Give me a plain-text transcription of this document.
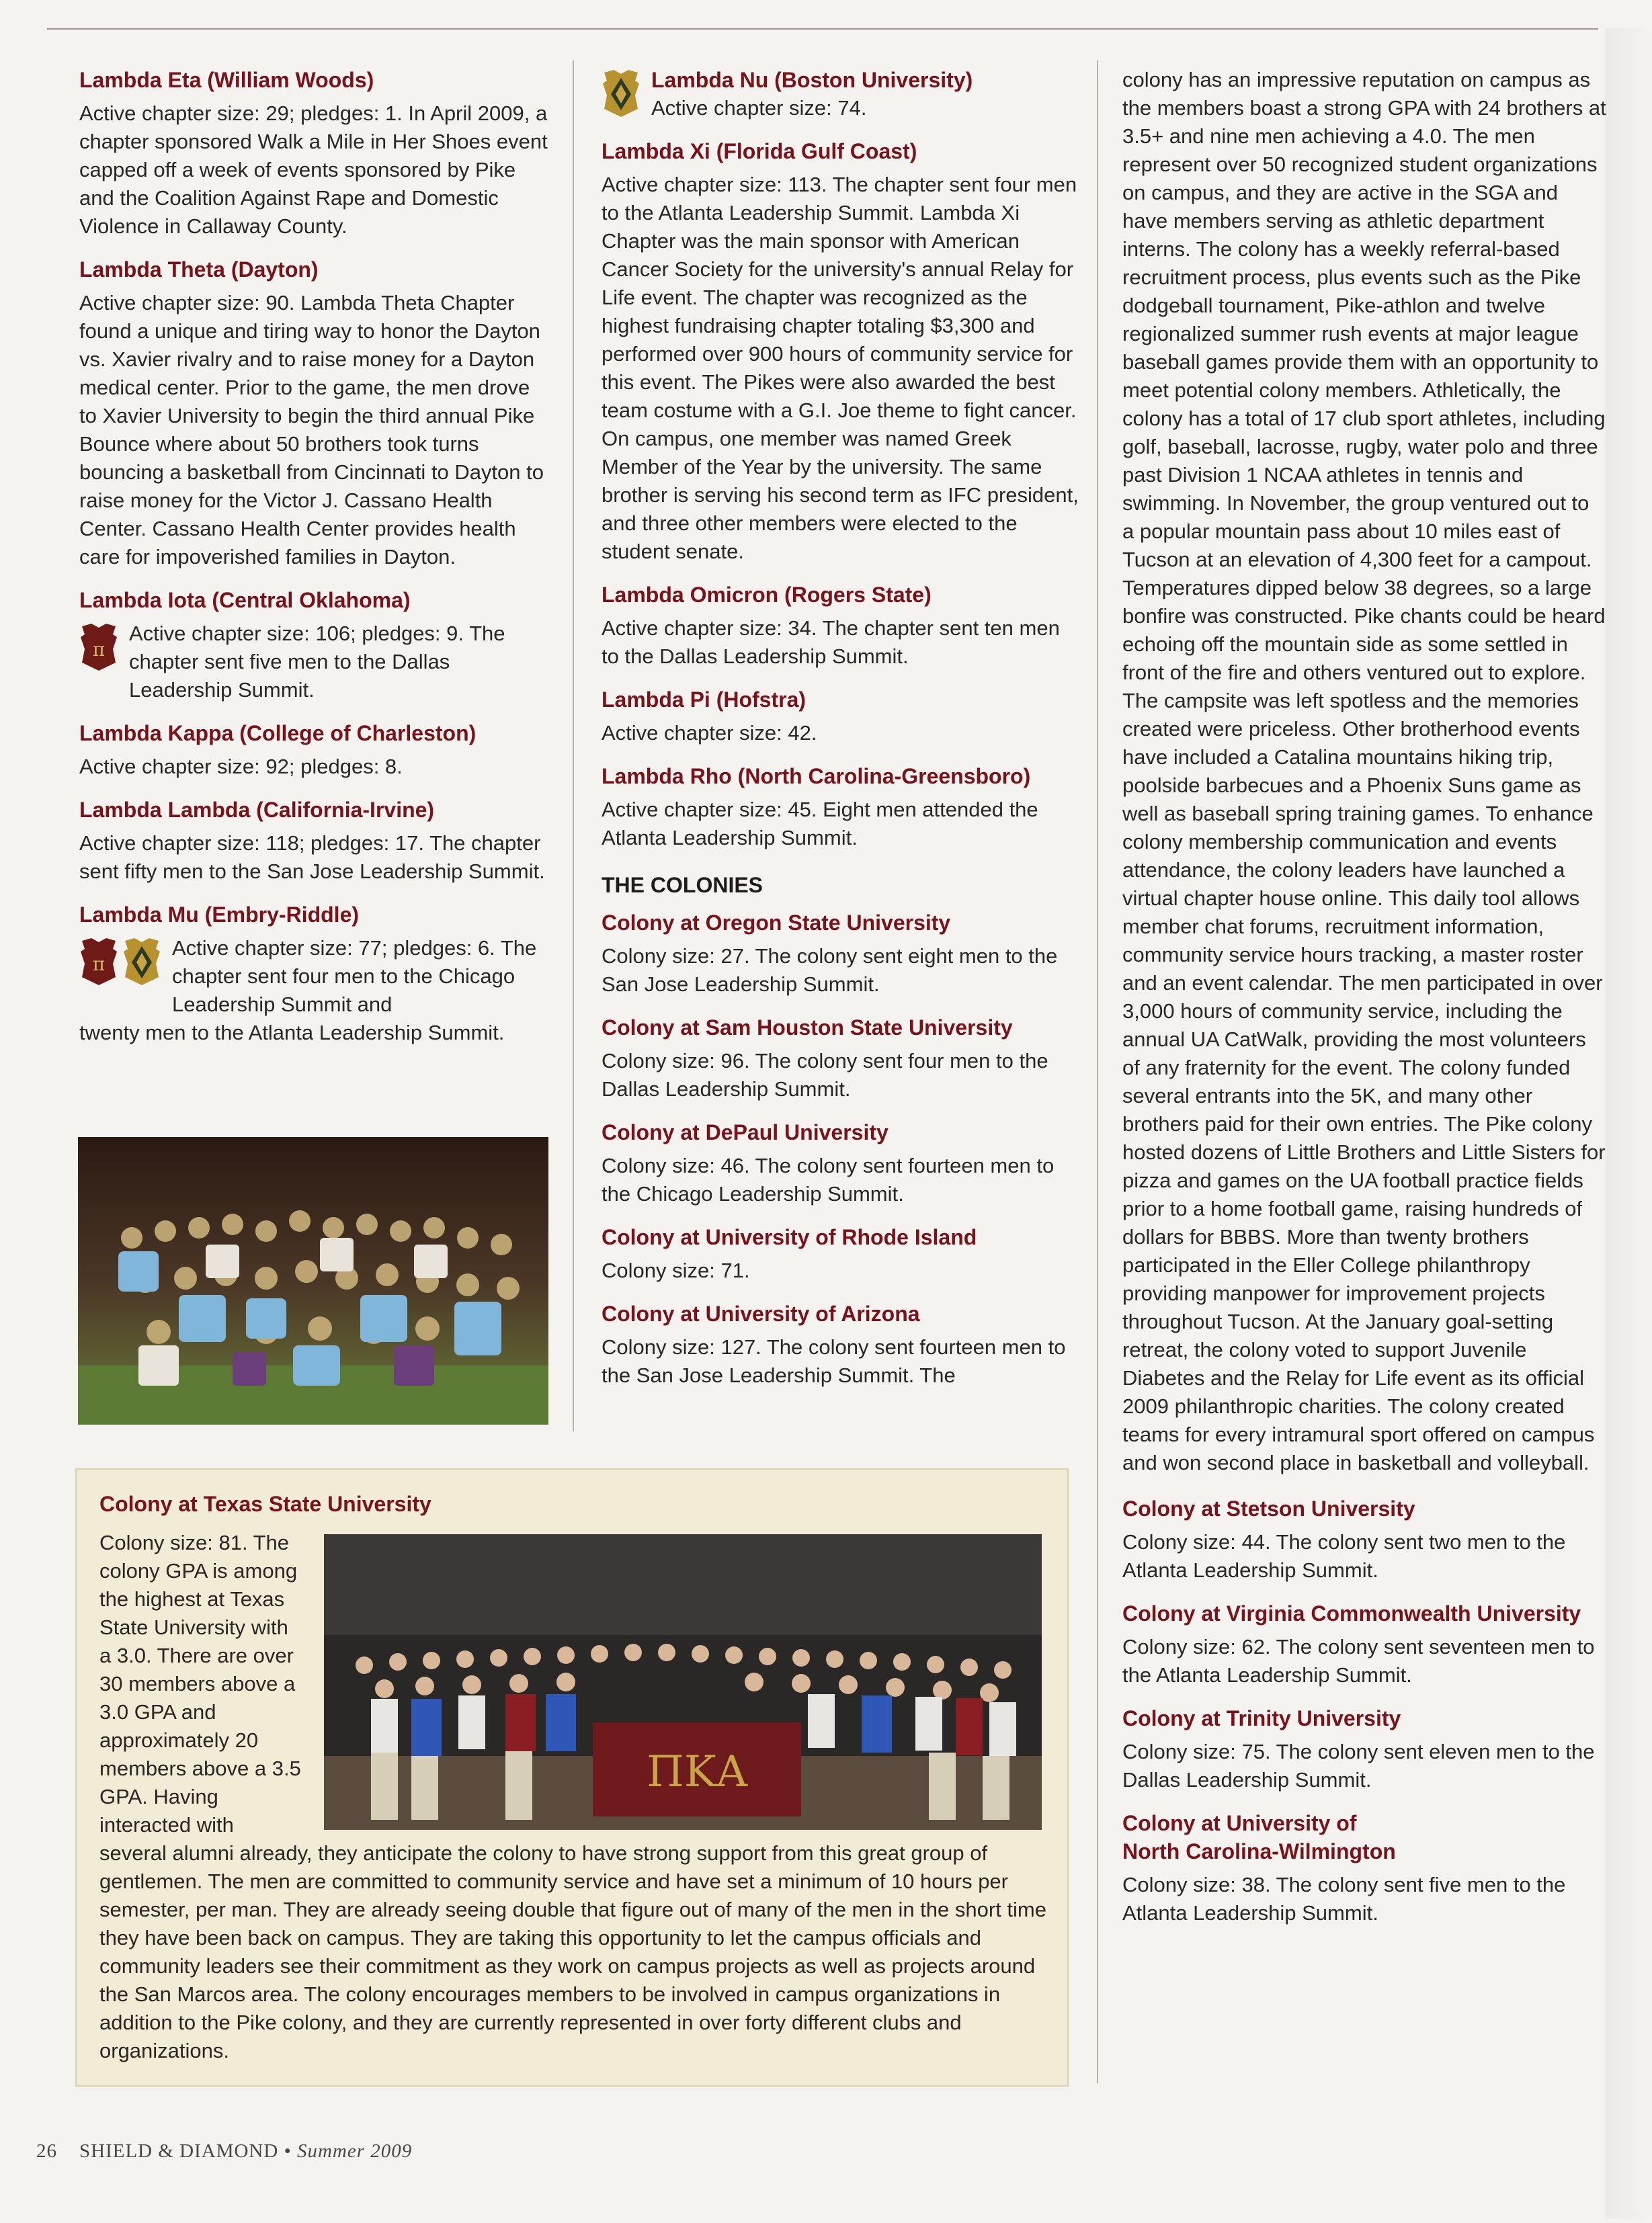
Lambda Eta (William Woods)

Active chapter size: 29; pledges: 1. In April 2009, a chapter sponsored Walk a Mile in Her Shoes event capped off a week of events sponsored by Pike and the Coalition Against Rape and Domestic Violence in Callaway County.

Lambda Theta (Dayton)

Active chapter size: 90. Lambda Theta Chapter found a unique and tiring way to honor the Dayton vs. Xavier rivalry and to raise money for a Dayton medical center. Prior to the game, the men drove to Xavier University to begin the third annual Pike Bounce where about 50 brothers took turns bouncing a basketball from Cincinnati to Dayton to raise money for the Victor J. Cassano Health Center. Cassano Health Center provides health care for impoverished families in Dayton.

Lambda Iota (Central Oklahoma)
π

Active chapter size: 106; pledges: 9. The chapter sent five men to the Dallas Leadership Summit.

Lambda Kappa (College of Charleston)

Active chapter size: 92; pledges: 8.

Lambda Lambda (California-Irvine)

Active chapter size: 118; pledges: 17. The chapter sent fifty men to the San Jose Leadership Summit.

Lambda Mu (Embry-Riddle)
π

Active chapter size: 77; pledges: 6. The chapter sent four men to the Chicago Leadership Summit and

twenty men to the Atlanta Leadership Summit.

Lambda Nu (Boston University)

Active chapter size: 74.

Lambda Xi (Florida Gulf Coast)

Active chapter size: 113. The chapter sent four men to the Atlanta Leadership Summit. Lambda Xi Chapter was the main sponsor with American Cancer Society for the university's annual Relay for Life event. The chapter was recognized as the highest fundraising chapter totaling $3,300 and performed over 900 hours of community service for this event. The Pikes were also awarded the best team costume with a G.I. Joe theme to fight cancer. On campus, one member was named Greek Member of the Year by the university. The same brother is serving his second term as IFC president, and three other members were elected to the student senate.

Lambda Omicron (Rogers State)

Active chapter size: 34. The chapter sent ten men to the Dallas Leadership Summit.

Lambda Pi (Hofstra)

Active chapter size: 42.

Lambda Rho (North Carolina-Greensboro)

Active chapter size: 45. Eight men attended the Atlanta Leadership Summit.

THE COLONIES
Colony at Oregon State University

Colony size: 27. The colony sent eight men to the San Jose Leadership Summit.

Colony at Sam Houston State University

Colony size: 96. The colony sent four men to the Dallas Leadership Summit.

Colony at DePaul University

Colony size: 46. The colony sent fourteen men to the Chicago Leadership Summit.

Colony at University of Rhode Island

Colony size: 71.

Colony at University of Arizona

Colony size: 127. The colony sent fourteen men to the San Jose Leadership Summit. The

colony has an impressive reputation on campus as the members boast a strong GPA with 24 brothers at 3.5+ and nine men achieving a 4.0. The men represent over 50 recognized student organizations on campus, and they are active in the SGA and have members serving as athletic department interns. The colony has a weekly referral-based recruitment process, plus events such as the Pike dodgeball tournament, Pike-athlon and twelve regionalized summer rush events at major league baseball games provide them with an opportunity to meet potential colony members. Athletically, the colony has a total of 17 club sport athletes, including golf, baseball, lacrosse, rugby, water polo and three past Division 1 NCAA athletes in tennis and swimming. In November, the group ventured out to a popular mountain pass about 10 miles east of Tucson at an elevation of 4,300 feet for a campout. Temperatures dipped below 38 degrees, so a large bonfire was constructed. Pike chants could be heard echoing off the mountain side as some settled in front of the fire and others ventured out to explore. The campsite was left spotless and the memories created were priceless. Other brotherhood events have included a Catalina mountains hiking trip, poolside barbecues and a Phoenix Suns game as well as baseball spring training games. To enhance colony membership communication and events attendance, the colony leaders have launched a virtual chapter house online. This daily tool allows member chat forums, recruitment information, community service hours tracking, a master roster and an event calendar. The men participated in over 3,000 hours of community service, including the annual UA CatWalk, providing the most volunteers of any fraternity for the event. The colony funded several entrants into the 5K, and many other brothers paid for their own entries. The Pike colony hosted dozens of Little Brothers and Little Sisters for pizza and games on the UA football practice fields prior to a home football game, raising hundreds of dollars for BBBS. More than twenty brothers participated in the Eller College philanthropy providing manpower for improvement projects throughout Tucson. At the January goal-setting retreat, the colony voted to support Juvenile Diabetes and the Relay for Life event as its official 2009 philanthropic charities. The colony created teams for every intramural sport offered on campus and won second place in basketball and volleyball.

Colony at Stetson University

Colony size: 44. The colony sent two men to the Atlanta Leadership Summit.

Colony at Virginia Commonwealth University

Colony size: 62. The colony sent seventeen men to the Atlanta Leadership Summit.

Colony at Trinity University

Colony size: 75. The colony sent eleven men to the Dallas Leadership Summit.

Colony at University of North Carolina-Wilmington

Colony size: 38. The colony sent five men to the Atlanta Leadership Summit.

Colony at Texas State University

Colony size: 81. The colony GPA is among the highest at Texas State University with a 3.0. There are over 30 members above a 3.0 GPA and approximately 20 members above a 3.5 GPA. Having interacted with

several alumni already, they anticipate the colony to have strong support from this great group of gentlemen. The men are committed to community service and have set a minimum of 10 hours per semester, per man. They are already seeing double that figure out of many of the men in the short time they have been back on campus. They are taking this opportunity to let the campus officials and community leaders see their commitment as they work on campus projects as well as projects around the San Marcos area. The colony encourages members to be involved in campus organizations in addition to the Pike colony, and they are currently represented in over forty different clubs and organizations.

ΠΚΑ
26 SHIELD & DIAMOND • Summer 2009
